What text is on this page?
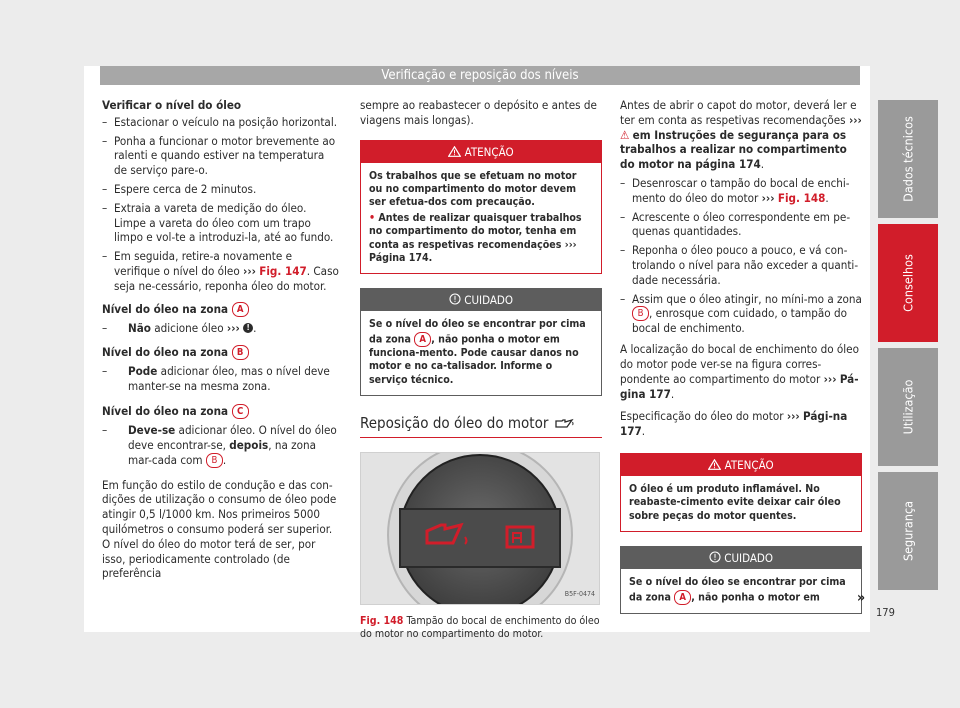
Verificação e reposição dos níveis

Verificar o nível do óleo

– Estacionar o veículo na posição horizontal.
– Ponha a funcionar o motor brevemente ao ralenti e quando estiver na temperatura de serviço pare-o.
– Espere cerca de 2 minutos.
– Extraia a vareta de medição do óleo. Limpe a vareta do óleo com um trapo limpo e vol-te a introduzi-la, até ao fundo.
– Em seguida, retire-a novamente e verifique o nível do óleo ››› Fig. 147. Caso seja ne-cessário, reponha óleo do motor.

Nível do óleo na zona A

– Não adicione óleo ››› ! .

Nível do óleo na zona B

– Pode adicionar óleo, mas o nível deve manter-se na mesma zona.

Nível do óleo na zona C

– Deve-se adicionar óleo. O nível do óleo deve encontrar-se, depois, na zona mar-cada com B .

Em função do estilo de condução e das con-dições de utilização o consumo de óleo pode atingir 0,5 l/1000 km. Nos primeiros 5000 quilómetros o consumo poderá ser superior. O nível do óleo do motor terá de ser, por isso, periodicamente controlado (de preferência

sempre ao reabastecer o depósito e antes de viagens mais longas).

ATENÇÃO
Os trabalhos que se efetuam no motor ou no compartimento do motor devem ser efetua-dos com precaução.
• Antes de realizar quaisquer trabalhos no compartimento do motor, tenha em conta as respetivas recomendações ››› Página 174.
CUIDADO
Se o nível do óleo se encontrar por cima da zona A , não ponha o motor em funciona-mento. Pode causar danos no motor e no ca-talisador. Informe o serviço técnico.
Reposição do óleo do motor
B5F-0474
Fig. 148 Tampão do bocal de enchimento do óleo do motor no compartimento do motor.

Antes de abrir o capot do motor, deverá ler e ter em conta as respetivas recomendações ››› ⚠ em Instruções de segurança para os trabalhos a realizar no compartimento do motor na página 174.

– Desenroscar o tampão do bocal de enchi-mento do óleo do motor ››› Fig. 148.
– Acrescente o óleo correspondente em pe-quenas quantidades.
– Reponha o óleo pouco a pouco, e vá con-trolando o nível para não exceder a quanti-dade necessária.
– Assim que o óleo atingir, no míni-mo a zona B , enrosque com cuidado, o tampão do bocal de enchimento.

A localização do bocal de enchimento do óleo do motor pode ver-se na figura corres-pondente ao compartimento do motor ››› Pá-gina 177.

Especificação do óleo do motor ››› Pági-na 177.

ATENÇÃO
O óleo é um produto inflamável. No reabaste-cimento evite deixar cair óleo sobre peças do motor quentes.
CUIDADO
Se o nível do óleo se encontrar por cima da zona A , não ponha o motor em	»
Dados técnicos
Conselhos
Utilização
Segurança
179
